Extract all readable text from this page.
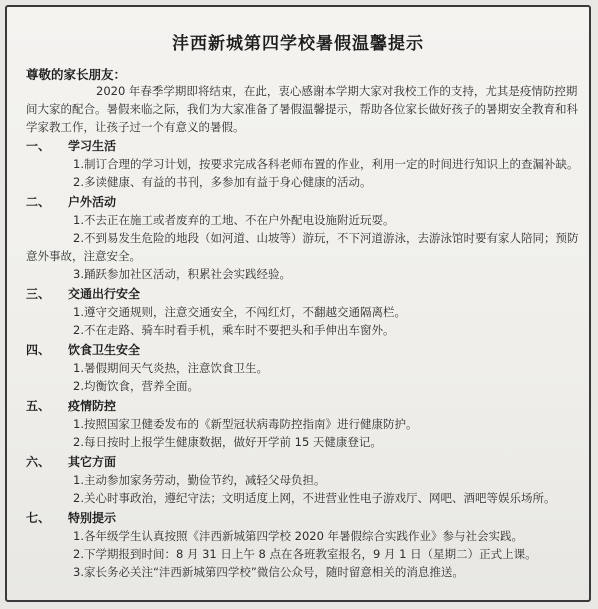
沣西新城第四学校暑假温馨提示
尊敬的家长朋友：
2020 年春季学期即将结束，在此，衷心感谢本学期大家对我校工作的支持，尤其是疫情防控期间大家的配合。暑假来临之际，我们为大家准备了暑假温馨提示，帮助各位家长做好孩子的暑期安全教育和科学家教工作，让孩子过一个有意义的暑假。
一、 学习生活
1.制订合理的学习计划，按要求完成各科老师布置的作业，利用一定的时间进行知识上的查漏补缺。
2.多读健康、有益的书刊，多参加有益于身心健康的活动。
二、 户外活动
1.不去正在施工或者废弃的工地、不在户外配电设施附近玩耍。
2.不到易发生危险的地段（如河道、山坡等）游玩，不下河道游泳，去游泳馆时要有家人陪同；预防意外事故，注意安全。
3.踊跃参加社区活动，积累社会实践经验。
三、 交通出行安全
1.遵守交通规则，注意交通安全，不闯红灯，不翻越交通隔离栏。
2.不在走路、骑车时看手机，乘车时不要把头和手伸出车窗外。
四、 饮食卫生安全
1.暑假期间天气炎热，注意饮食卫生。
2.均衡饮食，营养全面。
五、 疫情防控
1.按照国家卫健委发布的《新型冠状病毒防控指南》进行健康防护。
2.每日按时上报学生健康数据，做好开学前 15 天健康登记。
六、 其它方面
1.主动参加家务劳动，勤俭节约，减轻父母负担。
2.关心时事政治，遵纪守法；文明适度上网，不进营业性电子游戏厅、网吧、酒吧等娱乐场所。
七、 特别提示
1.各年级学生认真按照《沣西新城第四学校 2020 年暑假综合实践作业》参与社会实践。
2.下学期报到时间：8 月 31 日上午 8 点在各班教室报名，9 月 1 日（星期二）正式上课。
3.家长务必关注“沣西新城第四学校”微信公众号，随时留意相关的消息推送。
